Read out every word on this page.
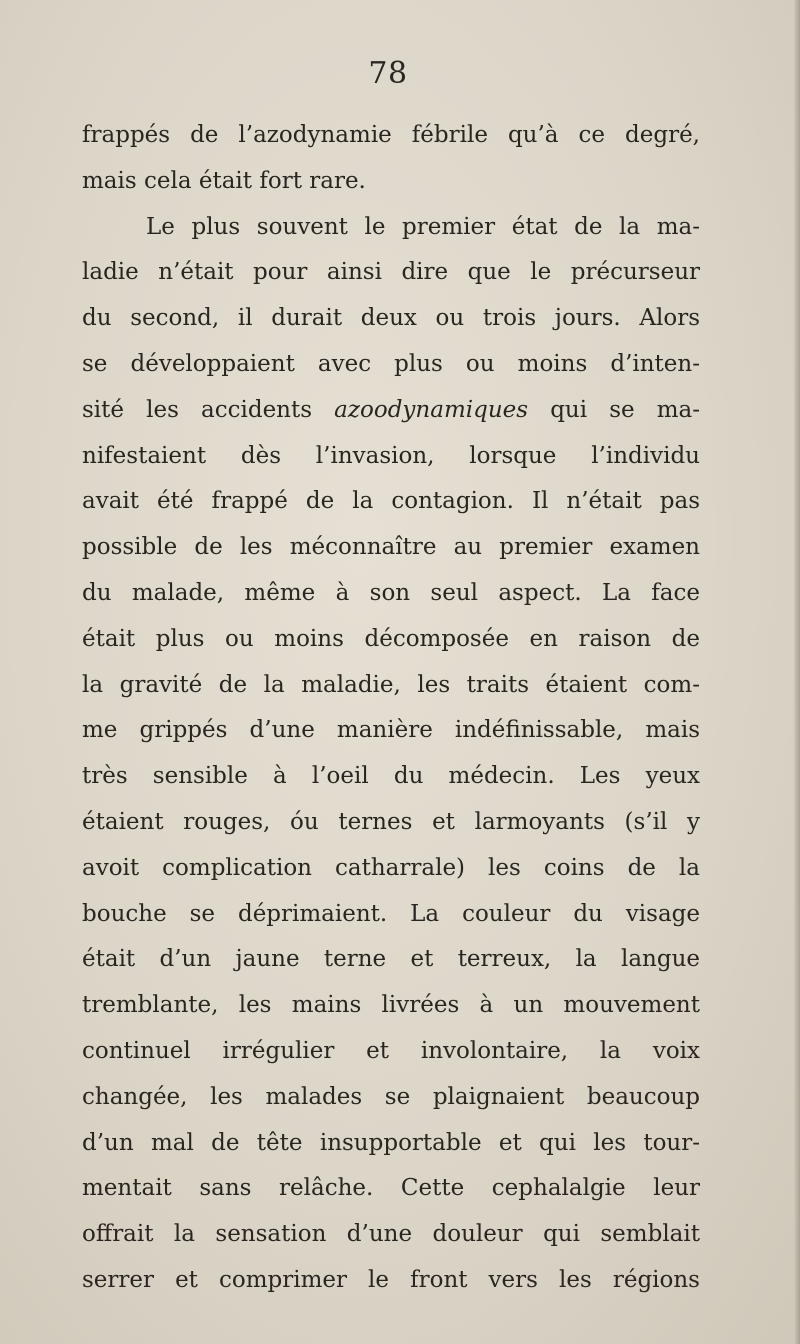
78
frappés de l’azodynamie fébrile qu’à ce degré,
mais cela était fort rare.
Le plus souvent le premier état de la ma-
ladie n’était pour ainsi dire que le précurseur
du second, il durait deux ou trois jours. Alors
se développaient avec plus ou moins d’inten-
sité les accidents azoodynamiques qui se ma-
nifestaient dès l’invasion, lorsque l’individu
avait été frappé de la contagion. Il n’était pas
possible de les méconnaître au premier examen
du malade, même à son seul aspect. La face
était plus ou moins décomposée en raison de
la gravité de la maladie, les traits étaient com-
me grippés d’une manière indéfinissable, mais
très sensible à l’oeil du médecin. Les yeux
étaient rouges, óu ternes et larmoyants (s’il y
avoit complication catharrale) les coins de la
bouche se déprimaient. La couleur du visage
était d’un jaune terne et terreux, la langue
tremblante, les mains livrées à un mouvement
continuel irrégulier et involontaire, la voix
changée, les malades se plaignaient beaucoup
d’un mal de tête insupportable et qui les tour-
mentait sans relâche. Cette cephalalgie leur
offrait la sensation d’une douleur qui semblait
serrer et comprimer le front vers les régions
